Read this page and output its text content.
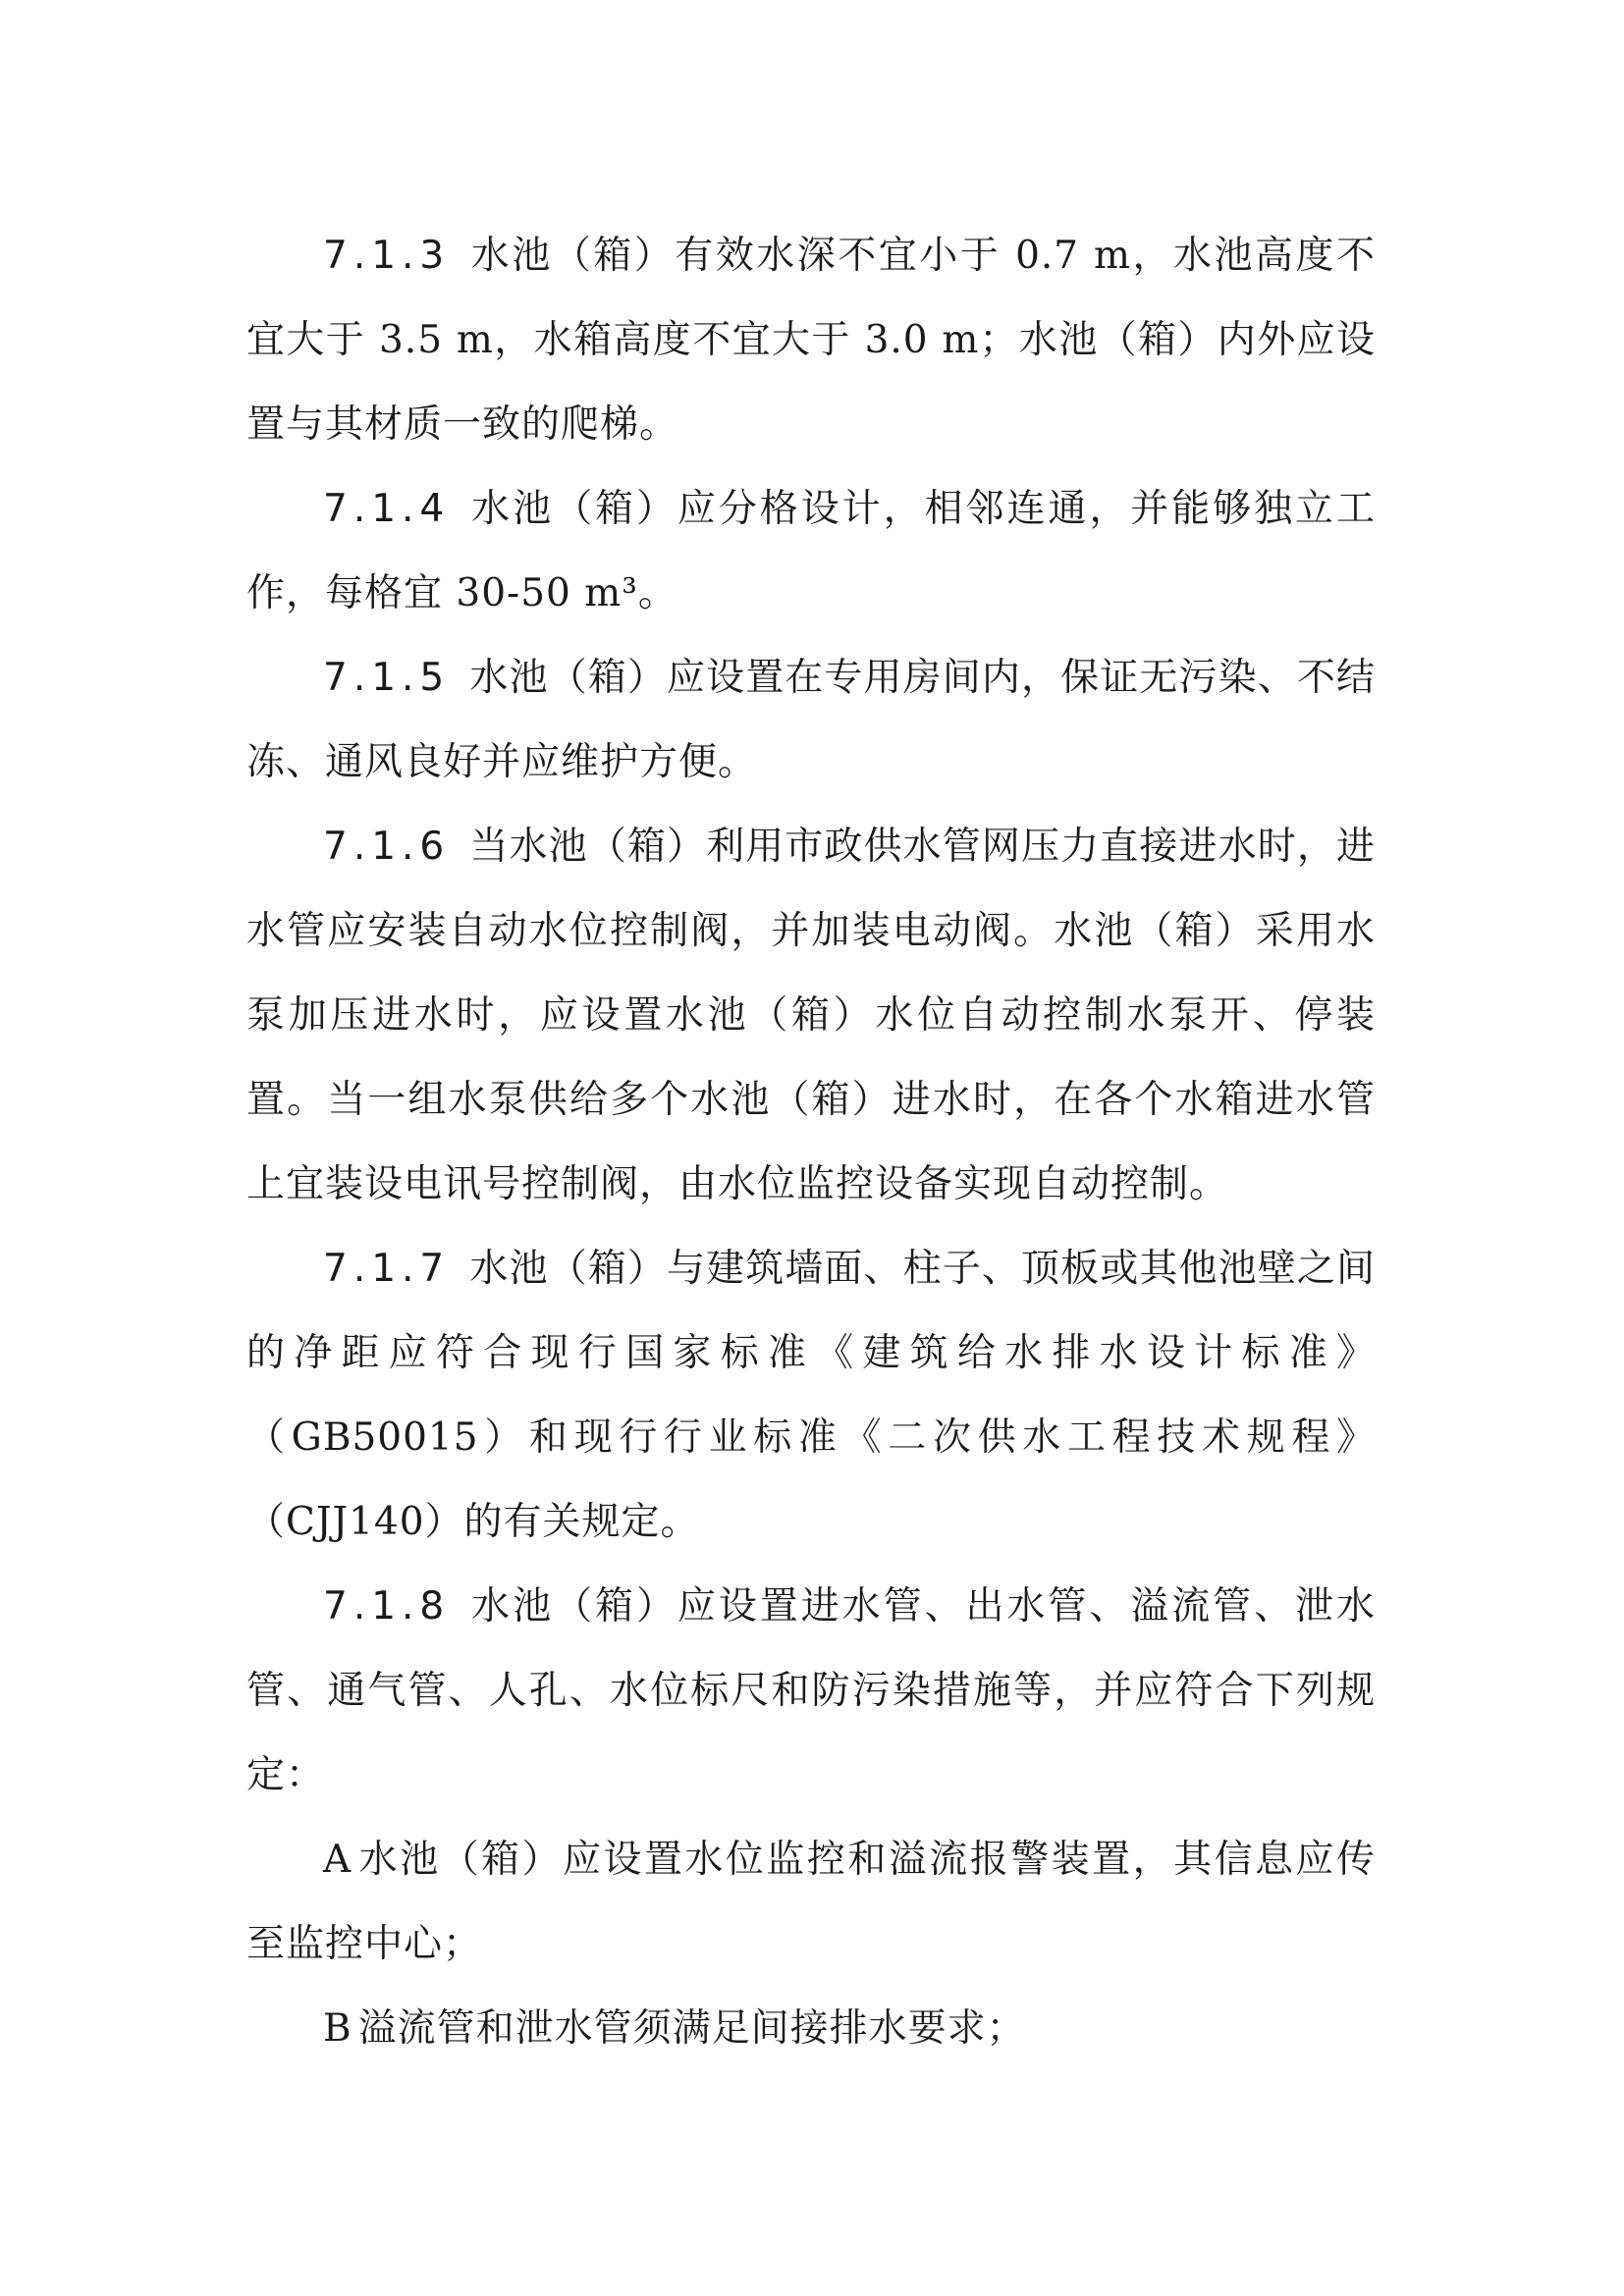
7.1.3 水池（箱）有效水深不宜小于 0.7 m，水池高度不宜大于 3.5 m，水箱高度不宜大于 3.0 m；水池（箱）内外应设置与其材质一致的爬梯。

7.1.4 水池（箱）应分格设计，相邻连通，并能够独立工作，每格宜 30-50 m³。

7.1.5 水池（箱）应设置在专用房间内，保证无污染、不结冻、通风良好并应维护方便。

7.1.6 当水池（箱）利用市政供水管网压力直接进水时，进水管应安装自动水位控制阀，并加装电动阀。水池（箱）采用水泵加压进水时，应设置水池（箱）水位自动控制水泵开、停装置。当一组水泵供给多个水池（箱）进水时，在各个水箱进水管上宜装设电讯号控制阀，由水位监控设备实现自动控制。

7.1.7 水池（箱）与建筑墙面、柱子、顶板或其他池壁之间的净距应符合现行国家标准《建筑给水排水设计标准》（GB50015）和现行行业标准《二次供水工程技术规程》（CJJ140）的有关规定。

7.1.8 水池（箱）应设置进水管、出水管、溢流管、泄水管、通气管、人孔、水位标尺和防污染措施等，并应符合下列规定：

A 水池（箱）应设置水位监控和溢流报警装置，其信息应传至监控中心；

B 溢流管和泄水管须满足间接排水要求；
